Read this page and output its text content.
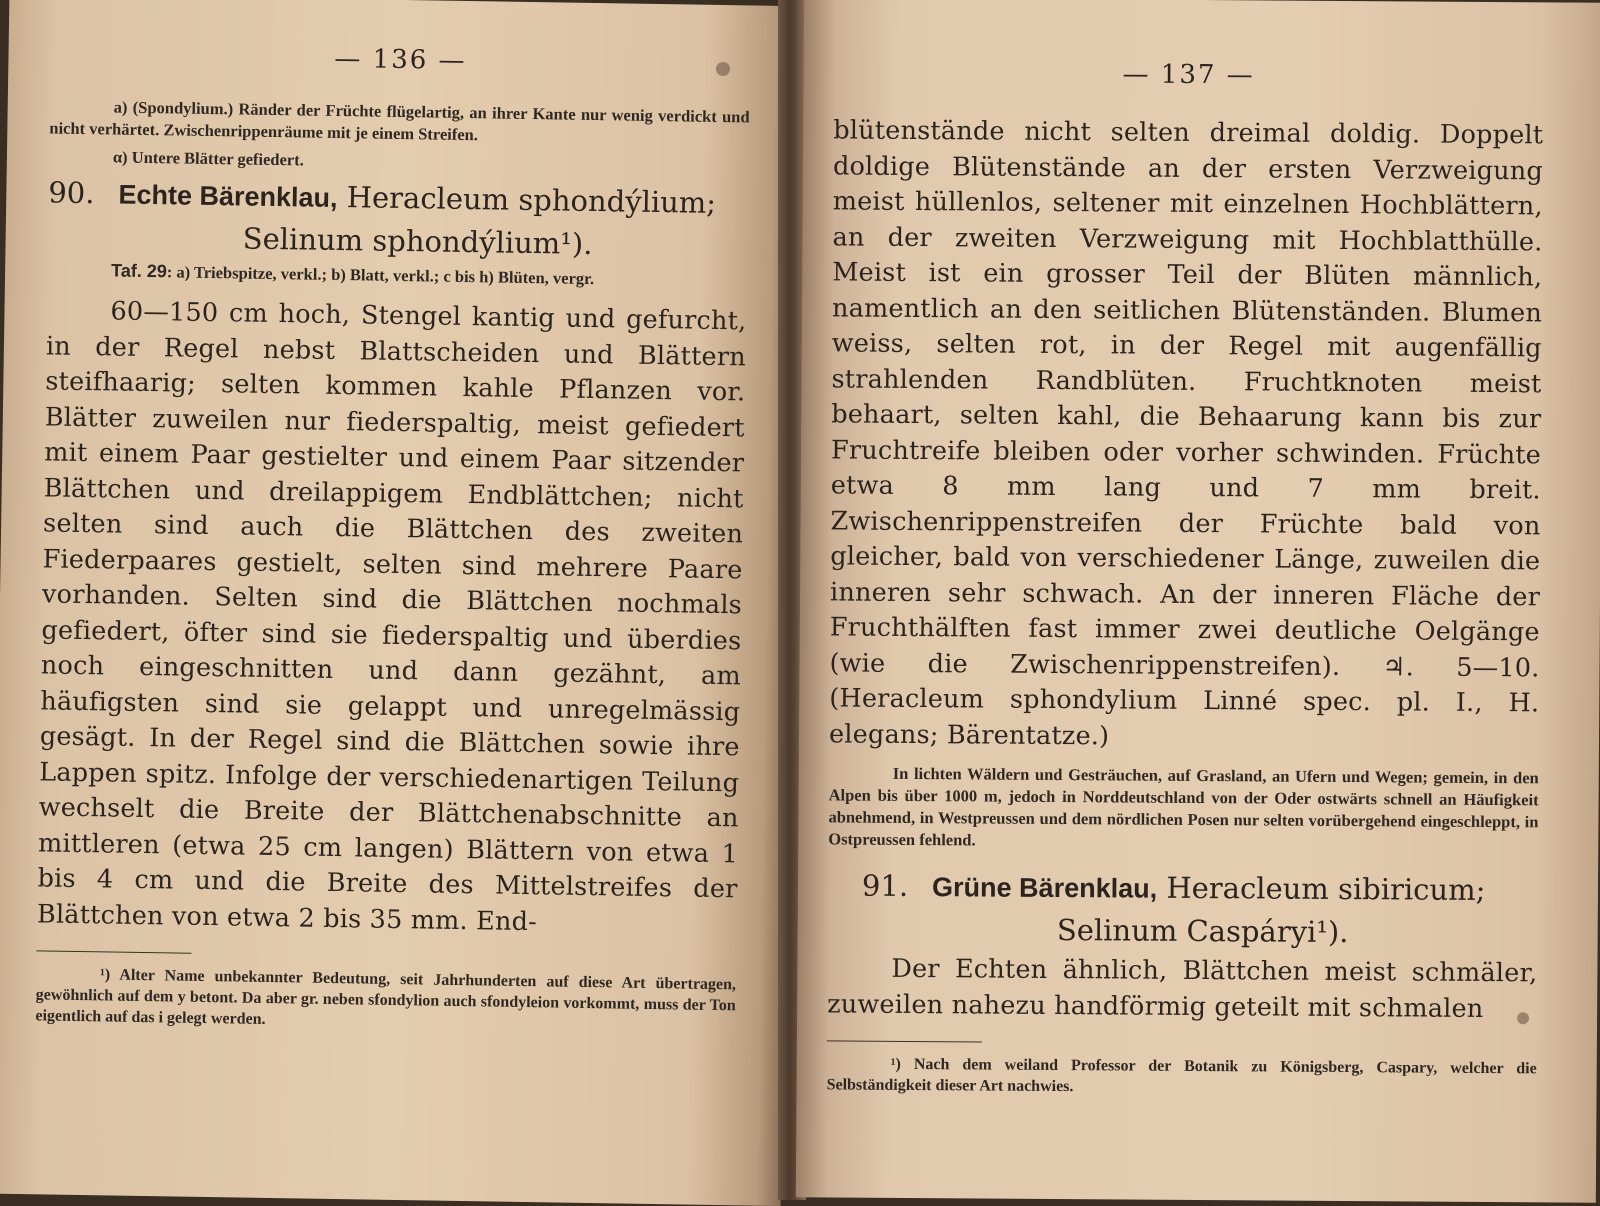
— 136 —

a) (Spondylium.) Ränder der Früchte flügelartig, an ihrer Kante nur wenig verdickt und nicht verhärtet. Zwischenrippenräume mit je einem Streifen.

α) Untere Blätter gefiedert.

90. Echte Bärenklau, Heracleum sphondýlium;
Selinum sphondýlium¹).

Taf. 29: a) Triebspitze, verkl.; b) Blatt, verkl.; c bis h) Blüten, vergr.

60—150 cm hoch, Stengel kantig und gefurcht, in der Regel nebst Blattscheiden und Blättern steifhaarig; selten kommen kahle Pflanzen vor. Blätter zuweilen nur fiederspaltig, meist gefiedert mit einem Paar gestielter und einem Paar sitzender Blättchen und dreilappigem Endblättchen; nicht selten sind auch die Blättchen des zweiten Fiederpaares gestielt, selten sind mehrere Paare vorhanden. Selten sind die Blättchen nochmals gefiedert, öfter sind sie fiederspaltig und überdies noch eingeschnitten und dann gezähnt, am häufigsten sind sie gelappt und unregelmässig gesägt. In der Regel sind die Blättchen sowie ihre Lappen spitz. Infolge der verschiedenartigen Teilung wechselt die Breite der Blättchenabschnitte an mittleren (etwa 25 cm langen) Blättern von etwa 1 bis 4 cm und die Breite des Mittelstreifes der Blättchen von etwa 2 bis 35 mm. End-

¹) Alter Name unbekannter Bedeutung, seit Jahrhunderten auf diese Art übertragen, gewöhnlich auf dem y betont. Da aber gr. neben sfondylion auch sfondyleion vorkommt, muss der Ton eigentlich auf das i gelegt werden.

— 137 —

blütenstände nicht selten dreimal doldig. Doppelt doldige Blütenstände an der ersten Verzweigung meist hüllenlos, seltener mit einzelnen Hochblättern, an der zweiten Verzweigung mit Hochblatthülle. Meist ist ein grosser Teil der Blüten männlich, namentlich an den seitlichen Blütenständen. Blumen weiss, selten rot, in der Regel mit augenfällig strahlenden Randblüten. Fruchtknoten meist behaart, selten kahl, die Behaarung kann bis zur Fruchtreife bleiben oder vorher schwinden. Früchte etwa 8 mm lang und 7 mm breit. Zwischenrippenstreifen der Früchte bald von gleicher, bald von verschiedener Länge, zuweilen die inneren sehr schwach. An der inneren Fläche der Fruchthälften fast immer zwei deutliche Oelgänge (wie die Zwischenrippenstreifen). ♃. 5—10. (Heracleum sphondylium Linné spec. pl. I., H. elegans; Bärentatze.)

In lichten Wäldern und Gesträuchen, auf Grasland, an Ufern und Wegen; gemein, in den Alpen bis über 1000 m, jedoch in Norddeutschland von der Oder ostwärts schnell an Häufigkeit abnehmend, in Westpreussen und dem nördlichen Posen nur selten vorübergehend eingeschleppt, in Ostpreussen fehlend.

91. Grüne Bärenklau, Heracleum sibiricum;
Selinum Caspáryi¹).

Der Echten ähnlich, Blättchen meist schmäler, zuweilen nahezu handförmig geteilt mit schmalen

¹) Nach dem weiland Professor der Botanik zu Königsberg, Caspary, welcher die Selbständigkeit dieser Art nachwies.
